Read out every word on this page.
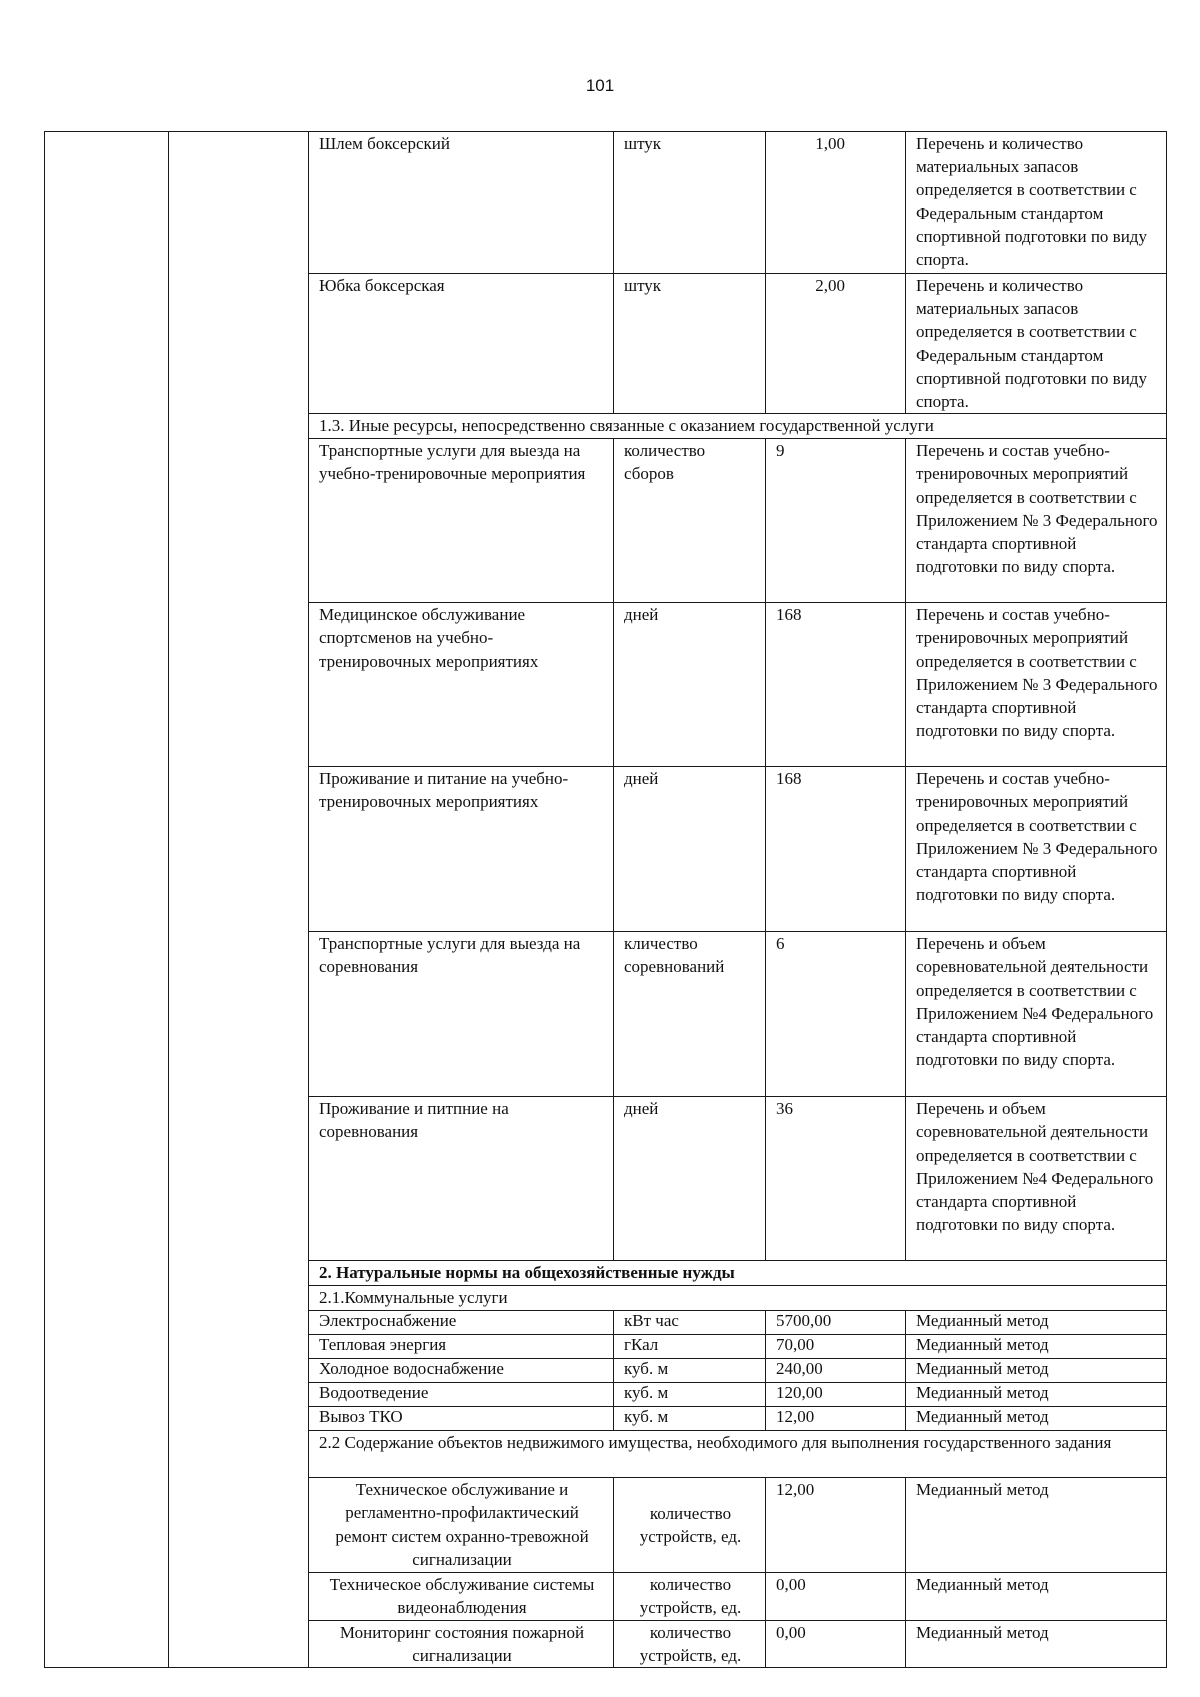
101
		Шлем боксерский	штук	1,00	Перечень и количество материальных запасов определяется в соответствии с Федеральным стандартом спортивной подготовки по виду спорта.
		Юбка боксерская	штук	2,00	Перечень и количество материальных запасов определяется в соответствии с Федеральным стандартом спортивной подготовки по виду спорта.
		1.3. Иные ресурсы, непосредственно связанные с оказанием государственной услуги			
		Транспортные услуги для выезда на учебно-тренировочные мероприятия	количество сборов	9	Перечень и состав учебно-тренировочных мероприятий определяется в соответствии с Приложением № 3 Федерального стандарта спортивной подготовки по виду спорта.
		Медицинское обслуживание спортсменов на учебно-тренировочных мероприятиях	дней	168	Перечень и состав учебно-тренировочных мероприятий определяется в соответствии с Приложением № 3 Федерального стандарта спортивной подготовки по виду спорта.
		Проживание и питание на учебно-тренировочных мероприятиях	дней	168	Перечень и состав учебно-тренировочных мероприятий определяется в соответствии с Приложением № 3 Федерального стандарта спортивной подготовки по виду спорта.
		Транспортные услуги для выезда на соревнования	кличество соревнований	6	Перечень и объем соревновательной деятельности определяется в соответствии с Приложением №4 Федерального стандарта спортивной подготовки по виду спорта.
		Проживание и питпние на соревнования	дней	36	Перечень и объем соревновательной деятельности определяется в соответствии с Приложением №4 Федерального стандарта спортивной подготовки по виду спорта.
		2. Натуральные нормы на общехозяйственные нужды			
		2.1.Коммунальные услуги			
		Электроснабжение	кВт час	5700,00	Медианный метод
		Тепловая энергия	гКал	70,00	Медианный метод
		Холодное водоснабжение	куб. м	240,00	Медианный метод
		Водоотведение	куб. м	120,00	Медианный метод
		Вывоз ТКО	куб. м	12,00	Медианный метод
		2.2 Содержание объектов недвижимого имущества, необходимого для выполнения государственного задания			
		Техническое обслуживание и регламентно-профилактический ремонт систем охранно-тревожной сигнализации	количество устройств, ед.	12,00	Медианный метод
		Техническое обслуживание системы видеонаблюдения	количество устройств, ед.	0,00	Медианный метод
		Мониторинг состояния пожарной сигнализации	количество устройств, ед.	0,00	Медианный метод
